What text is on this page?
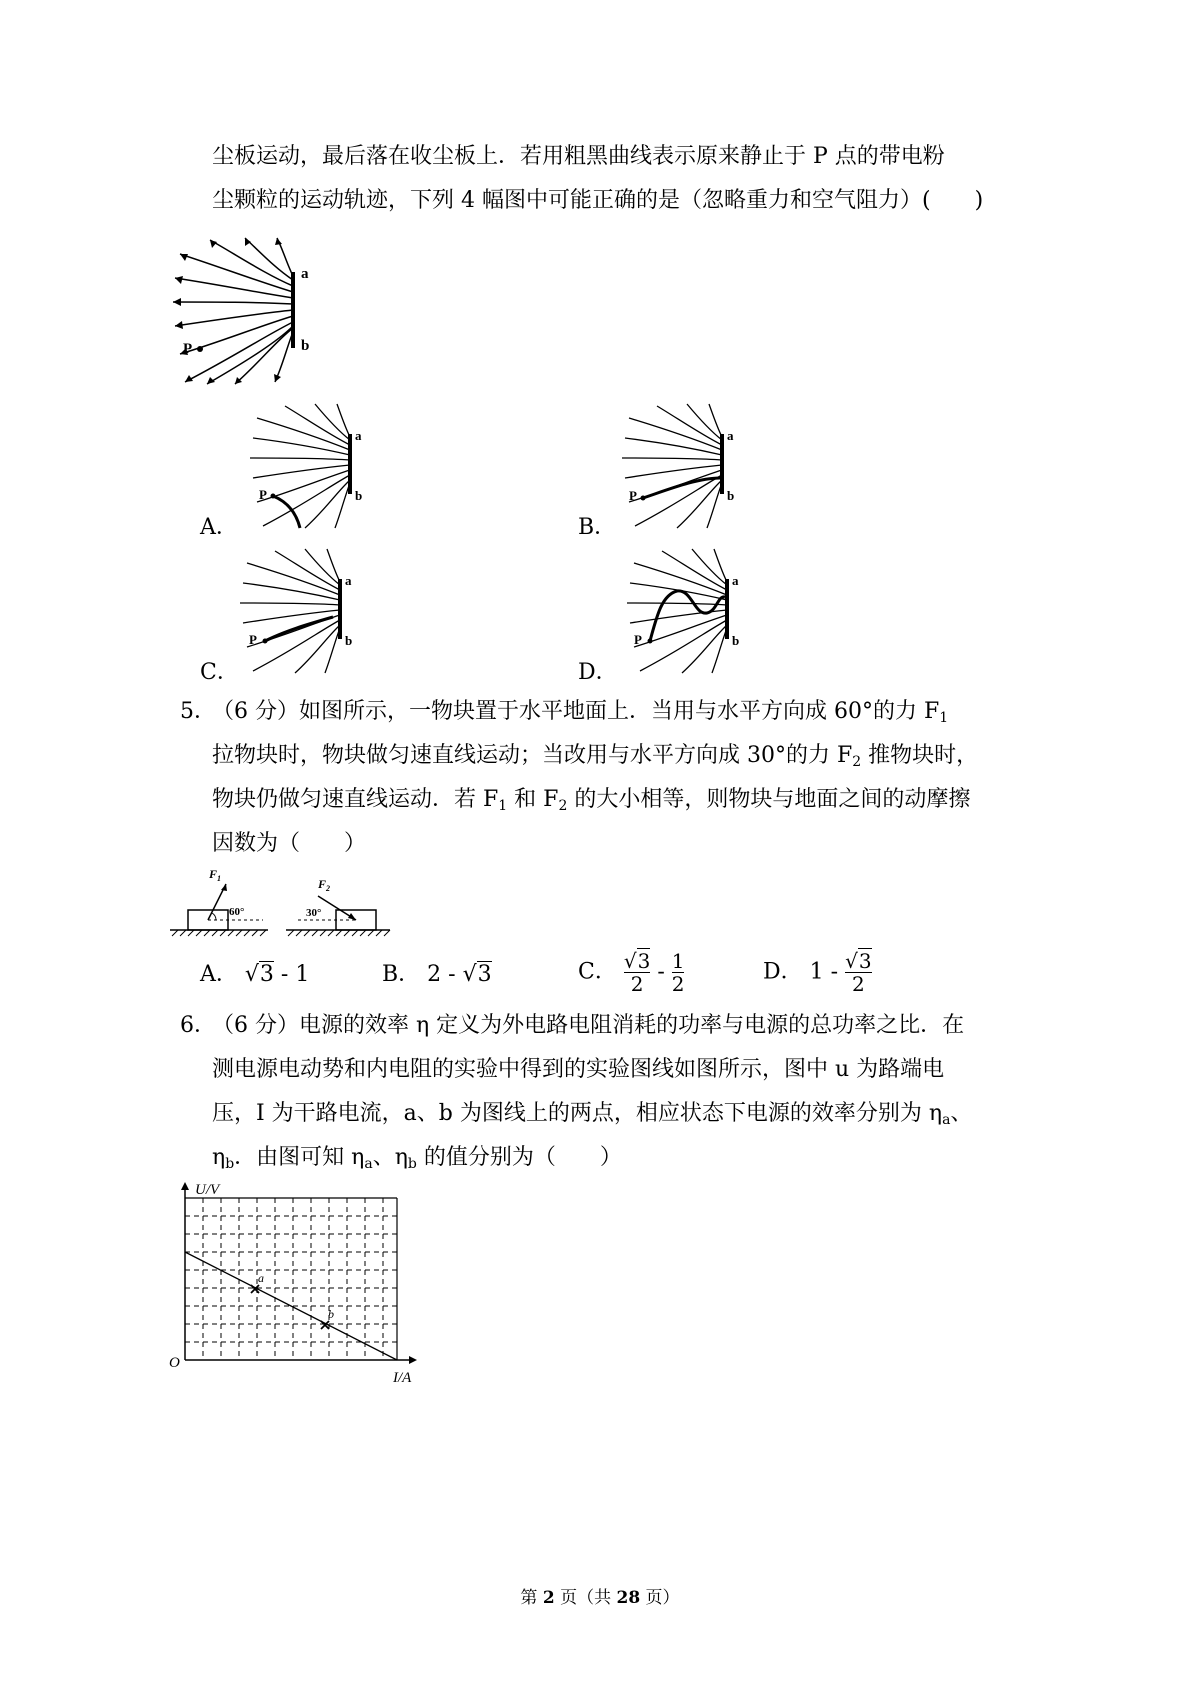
尘板运动，最后落在收尘板上．若用粗黑曲线表示原来静止于 P 点的带电粉
尘颗粒的运动轨迹，下列 4 幅图中可能正确的是（忽略重力和空气阻力）(　　)
a
b
P
A．
a
b
P
B．
a
b
P
C．
a
b
P
D．
a
b
P
5．
（6 分）如图所示，一物块置于水平地面上．当用与水平方向成 60°的力 $F_1$
拉物块时，物块做匀速直线运动；当改用与水平方向成 30°的力 $F_2$ 推物块时，
物块仍做匀速直线运动．若 $F_1$ 和 $F_2$ 的大小相等，则物块与地面之间的动摩擦
因数为（　　）
$F_1$
60°
$F_2$
30°
A． √3 - 1	B． 2 - √3	C． $\frac{√3}{2} - \frac{1}{2}$	D． $1 - \frac{√3}{2}$
6．
（6 分）电源的效率 η 定义为外电路电阻消耗的功率与电源的总功率之比．在
测电源电动势和内电阻的实验中得到的实验图线如图所示，图中 u 为路端电
压，I 为干路电流，a、b 为图线上的两点，相应状态下电源的效率分别为 $\eta_a$、
$\eta_b$．由图可知 $\eta_a$、$\eta_b$ 的值分别为（　　）
a
b
U/V
I/A
O
第 2 页（共 28 页）
